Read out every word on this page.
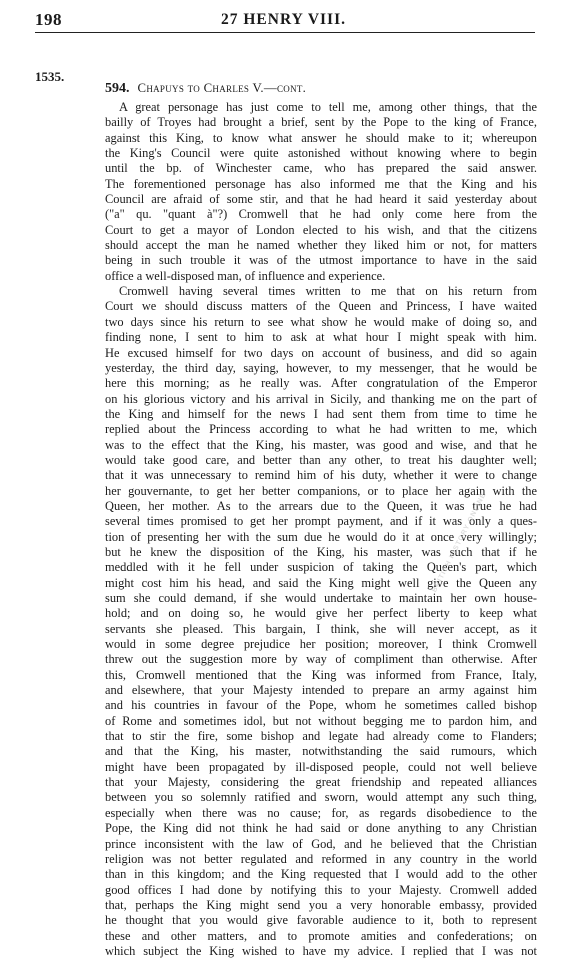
198	27 HENRY VIII.
1535.
594. Chapuys to Charles V.—cont.
A great personage has just come to tell me, among other things, that the
bailly of Troyes had brought a brief, sent by the Pope to the king of France,
against this King, to know what answer he should make to it; whereupon
the King's Council were quite astonished without knowing where to begin
until the bp. of Winchester came, who has prepared the said answer.
The forementioned personage has also informed me that the King and his
Council are afraid of some stir, and that he had heard it said yesterday about
("a" qu. "quant à"?) Cromwell that he had only come here from the
Court to get a mayor of London elected to his wish, and that the citizens
should accept the man he named whether they liked him or not, for matters
being in such trouble it was of the utmost importance to have in the said
office a well-disposed man, of influence and experience.
Cromwell having several times written to me that on his return from
Court we should discuss matters of the Queen and Princess, I have waited
two days since his return to see what show he would make of doing so, and
finding none, I sent to him to ask at what hour I might speak with him.
He excused himself for two days on account of business, and did so again
yesterday, the third day, saying, however, to my messenger, that he would be
here this morning; as he really was. After congratulation of the Emperor
on his glorious victory and his arrival in Sicily, and thanking me on the part of
the King and himself for the news I had sent them from time to time he
replied about the Princess according to what he had written to me, which
was to the effect that the King, his master, was good and wise, and that he
would take good care, and better than any other, to treat his daughter well;
that it was unnecessary to remind him of his duty, whether it were to change
her gouvernante, to get her better companions, or to place her again with the
Queen, her mother. As to the arrears due to the Queen, it was true he had
several times promised to get her prompt payment, and if it was only a ques-
tion of presenting her with the sum due he would do it at once very willingly;
but he knew the disposition of the King, his master, was such that if he
meddled with it he fell under suspicion of taking the Queen's part, which
might cost him his head, and said the King might well give the Queen any
sum she could demand, if she would undertake to maintain her own house-
hold; and on doing so, he would give her perfect liberty to keep what
servants she pleased. This bargain, I think, she will never accept, as it
would in some degree prejudice her position; moreover, I think Cromwell
threw out the suggestion more by way of compliment than otherwise. After
this, Cromwell mentioned that the King was informed from France, Italy,
and elsewhere, that your Majesty intended to prepare an army against him
and his countries in favour of the Pope, whom he sometimes called bishop
of Rome and sometimes idol, but not without begging me to pardon him, and
that to stir the fire, some bishop and legate had already come to Flanders;
and that the King, his master, notwithstanding the said rumours, which
might have been propagated by ill-disposed people, could not well believe
that your Majesty, considering the great friendship and repeated alliances
between you so solemnly ratified and sworn, would attempt any such thing,
especially when there was no cause; for, as regards disobedience to the
Pope, the King did not think he had said or done anything to any Christian
prince inconsistent with the law of God, and he believed that the Christian
religion was not better regulated and reformed in any country in the world
than in this kingdom; and the King requested that I would add to the other
good offices I had done by notifying this to your Majesty. Cromwell added
that, perhaps the King might send you a very honorable embassy, provided
he thought that you would give favorable audience to it, both to represent
these and other matters, and to promote amities and confederations; on
which subject the King wished to have my advice. I replied that I was not
BRITISH HISTORY ONLINE
